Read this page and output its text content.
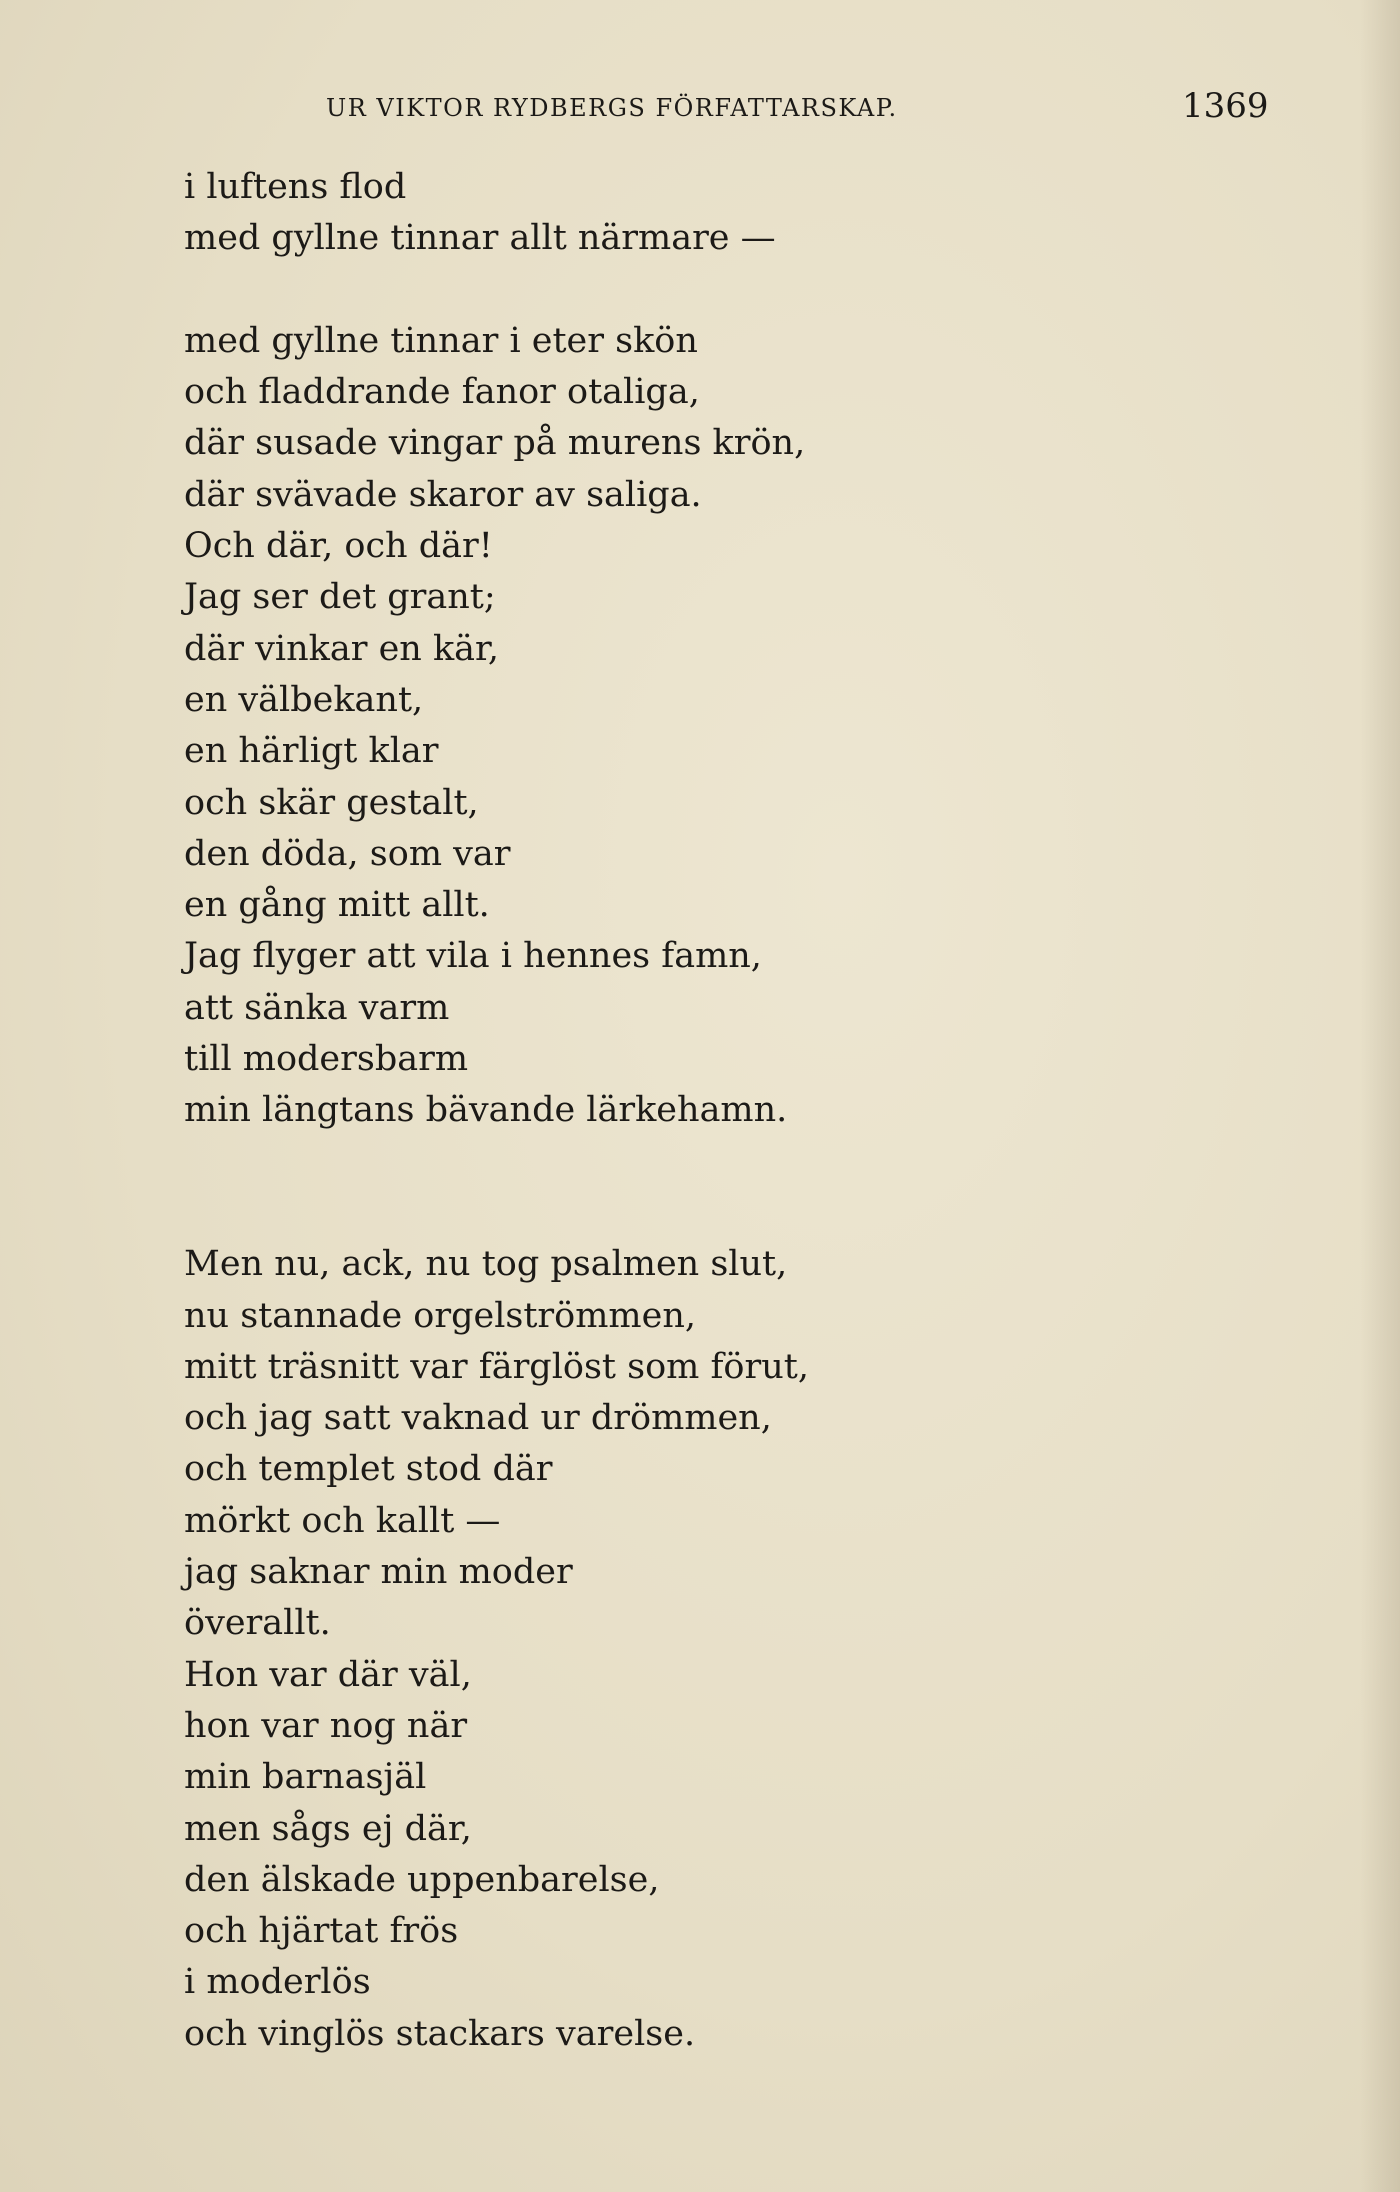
UR VIKTOR RYDBERGS FÖRFATTARSKAP.	1369
i luftens flod
med gyllne tinnar allt närmare —
med gyllne tinnar i eter skön
och fladdrande fanor otaliga,
där susade vingar på murens krön,
där svävade skaror av saliga.
Och där, och där!
Jag ser det grant;
där vinkar en kär,
en välbekant,
en härligt klar
och skär gestalt,
den döda, som var
en gång mitt allt.
Jag flyger att vila i hennes famn,
att sänka varm
till modersbarm
min längtans bävande lärkehamn.
Men nu, ack, nu tog psalmen slut,
nu stannade orgelströmmen,
mitt träsnitt var färglöst som förut,
och jag satt vaknad ur drömmen,
och templet stod där
mörkt och kallt —
jag saknar min moder
överallt.
Hon var där väl,
hon var nog när
min barnasjäl
men sågs ej där,
den älskade uppenbarelse,
och hjärtat frös
i moderlös
och vinglös stackars varelse.
